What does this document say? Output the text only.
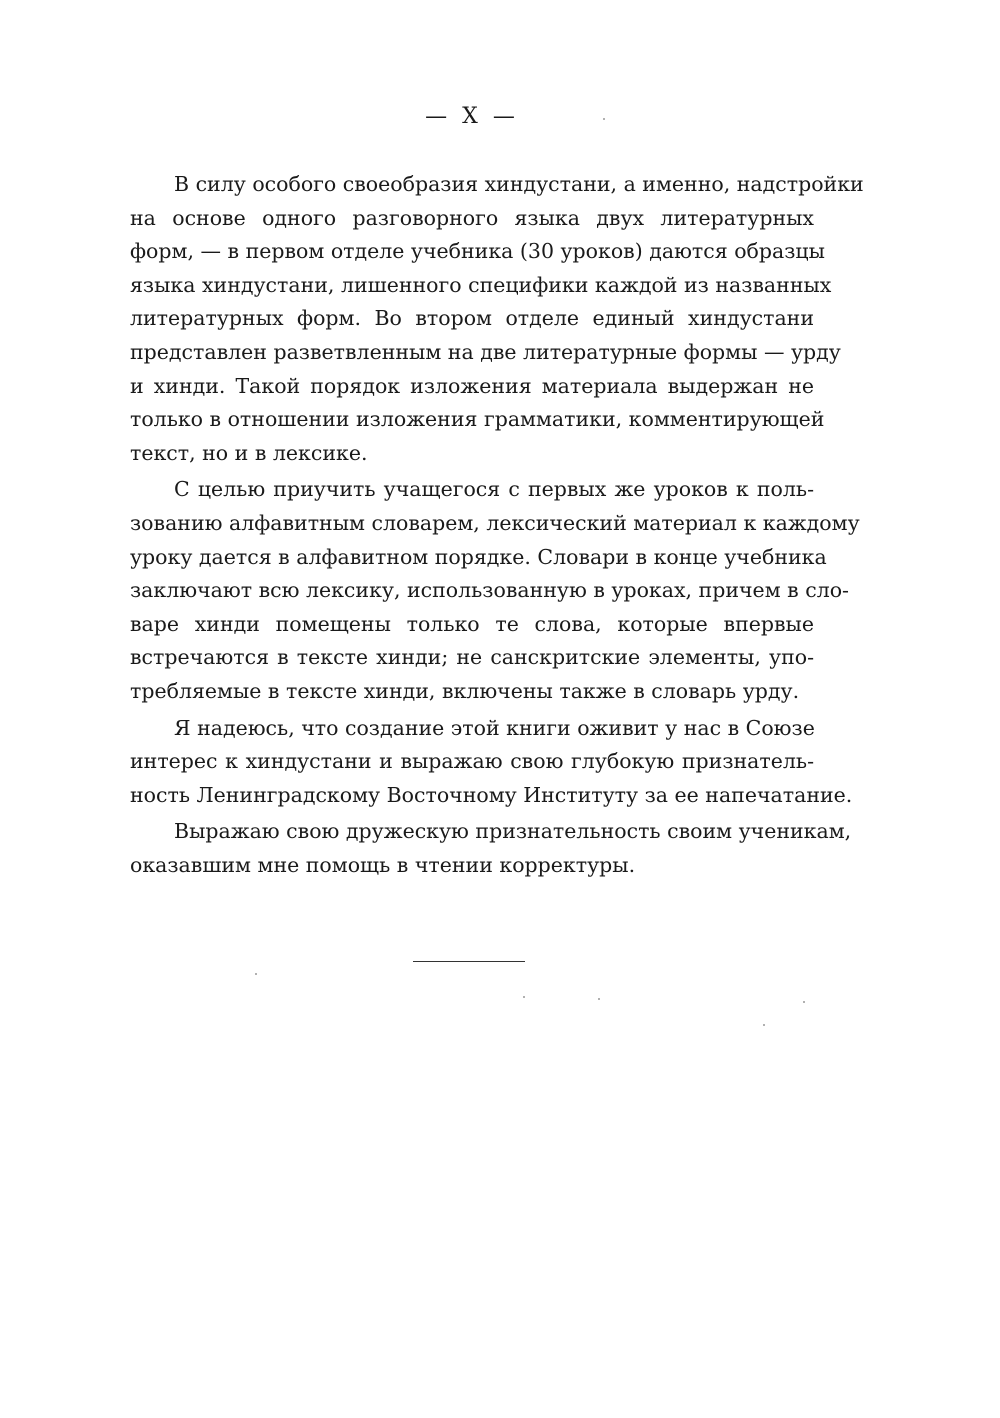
— X —
В силу особого своеобразия хиндустани, а именно, надстройки
на основе одного разговорного языка двух литературных
форм, — в первом отделе учебника (30 уроков) даются образцы
языка хиндустани, лишенного специфики каждой из названных
литературных форм. Во втором отделе единый хиндустани
представлен разветвленным на две литературные формы — урду
и хинди. Такой порядок изложения материала выдержан не
только в отношении изложения грамматики, комментирующей
текст, но и в лексике.
С целью приучить учащегося с первых же уроков к поль-
зованию алфавитным словарем, лексический материал к каждому
уроку дается в алфавитном порядке. Словари в конце учебника
заключают всю лексику, использованную в уроках, причем в сло-
варе хинди помещены только те слова, которые впервые
встречаются в тексте хинди; не санскритские элементы, упо-
требляемые в тексте хинди, включены также в словарь урду.
Я надеюсь, что создание этой книги оживит у нас в Союзе
интерес к хиндустани и выражаю свою глубокую признатель-
ность Ленинградскому Восточному Институту за ее напечатание.
Выражаю свою дружескую признательность своим ученикам,
оказавшим мне помощь в чтении корректуры.
